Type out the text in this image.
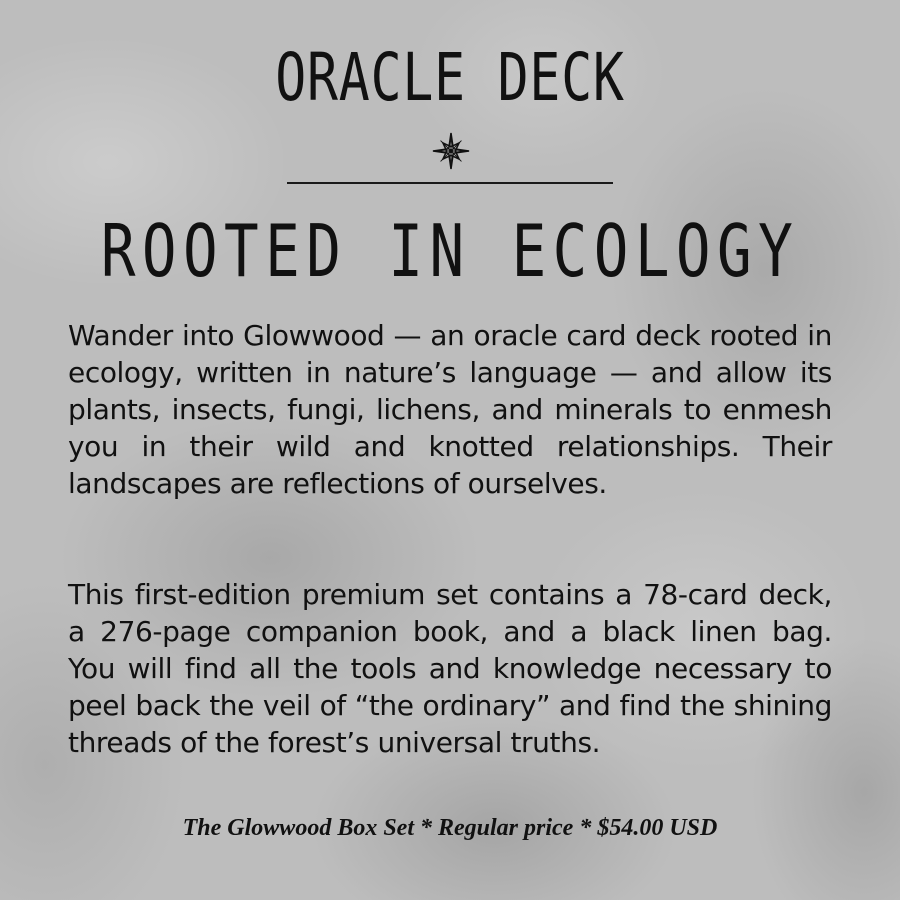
ORACLE DECK
ROOTED IN ECOLOGY

Wander into Glowwood — an oracle card deck rooted in ecology, written in nature’s language — and allow its plants, insects, fungi, lichens, and minerals to enmesh you in their wild and knotted relationships. Their landscapes are reflections of ourselves.

This first-edition premium set contains a 78-card deck, a 276-page companion book, and a black linen bag. You will find all the tools and knowledge necessary to peel back the veil of “the ordinary” and find the shining threads of the forest’s universal truths.

The Glowwood Box Set * Regular price * $54.00 USD
